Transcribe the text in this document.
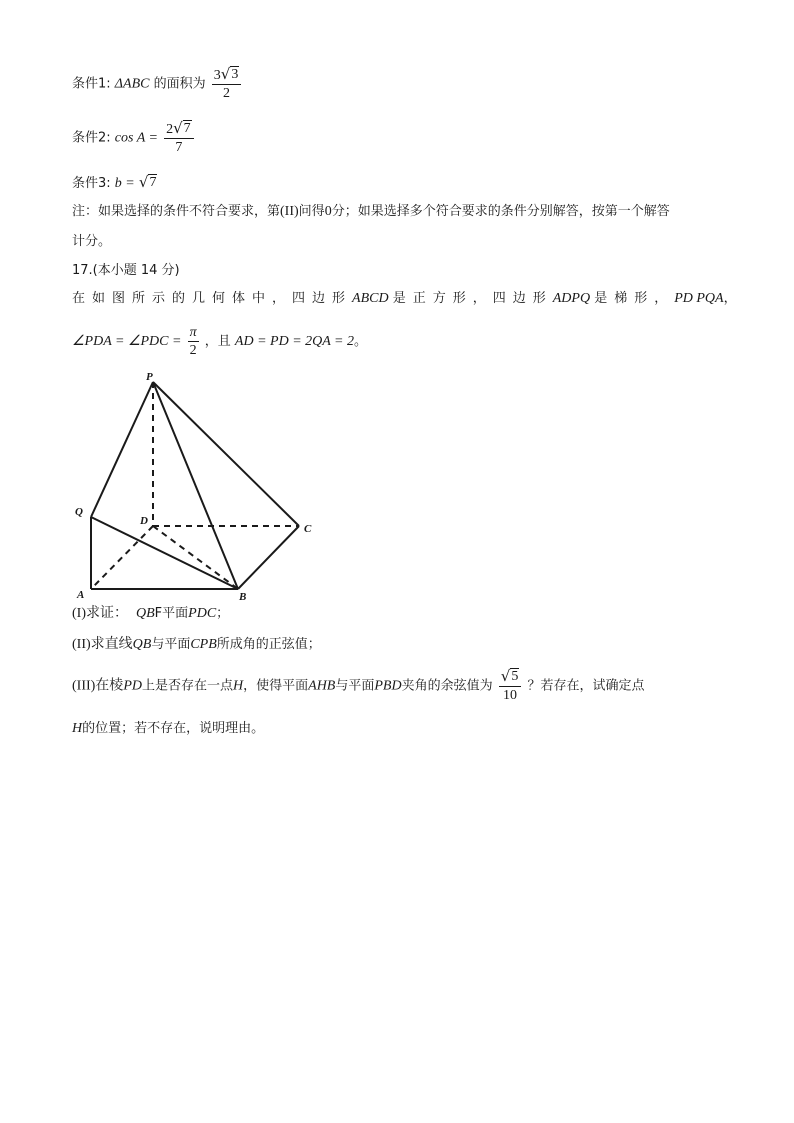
条件1: ΔABC 的面积为 $\frac{3 √ 3}{2}$
条件2: $\cos A = \frac{2 √ 7}{7}$
条件3: b = √ 7
注：如果选择的条件不符合要求，第(II)问得0分；如果选择多个符合要求的条件分别解答，按第一个解答
计分。
17.(本小题 14 分)
在如图所示的几何体中，四边形ABCD 是正方形，四边形ADPQ 是梯形，PD PQA，
∠PDA = ∠PDC = $\frac{\pi}{2}$ ，且 AD = PD = 2QA = 2。
P
Q
D
C
A	B
(I)求证： QBF平面PDC；
(II)求直线QB与平面CPB所成角的正弦值；
(III)在棱PD上是否存在一点H，使得平面AHB与平面PBD夹角的余弦值为 $\frac{√ 5}{10}$ ？若存在，试确定点
H的位置；若不存在，说明理由。
